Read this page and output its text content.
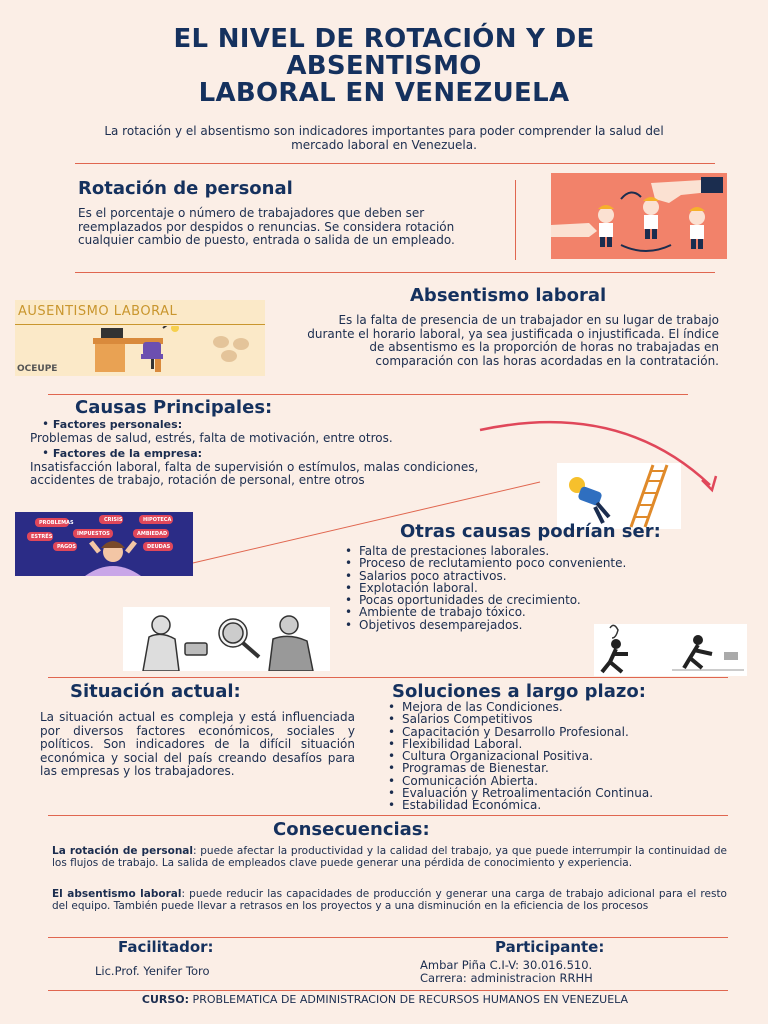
EL NIVEL DE ROTACIÓN Y DE
ABSENTISMO
LABORAL EN VENEZUELA
La rotación y el absentismo son indicadores importantes para poder comprender la salud del mercado laboral en Venezuela.
Rotación de personal
Es el porcentaje o número de trabajadores que deben ser reemplazados por despidos o renuncias. Se considera rotación cualquier cambio de puesto, entrada o salida de un empleado.
AUSENTISMO LABORAL
OCEUPE
Absentismo laboral
Es la falta de presencia de un trabajador en su lugar de trabajo durante el horario laboral, ya sea justificada o injustificada. El índice de absentismo es la proporción de horas no trabajadas en comparación con las horas acordadas en la contratación.
Causas Principales:
• Factores personales:
Problemas de salud, estrés, falta de motivación, entre otros.
• Factores de la empresa:
Insatisfacción laboral, falta de supervisión o estímulos, malas condiciones, accidentes de trabajo, rotación de personal, entre otros
PROBLEMAS	CRISIS	HIPOTECA
ESTRÉS	IMPUESTOS	AMBIEDAD
PAGOS	DEUDAS
Otras causas podrían ser:
• Falta de prestaciones laborales.
• Proceso de reclutamiento poco conveniente.
• Salarios poco atractivos.
• Explotación laboral.
• Pocas oportunidades de crecimiento.
• Ambiente de trabajo tóxico.
• Objetivos desemparejados.
Situación actual:
La situación actual es compleja y está influenciada por diversos factores económicos, sociales y políticos. Son indicadores de la difícil situación económica y social del país creando desafíos para las empresas y los trabajadores.
Soluciones a largo plazo:
• Mejora de las Condiciones.
• Salarios Competitivos
• Capacitación y Desarrollo Profesional.
• Flexibilidad Laboral.
• Cultura Organizacional Positiva.
• Programas de Bienestar.
• Comunicación Abierta.
• Evaluación y Retroalimentación Continua.
• Estabilidad Económica.
Consecuencias:
La rotación de personal: puede afectar la productividad y la calidad del trabajo, ya que puede interrumpir la continuidad de los flujos de trabajo. La salida de empleados clave puede generar una pérdida de conocimiento y experiencia.
El absentismo laboral: puede reducir las capacidades de producción y generar una carga de trabajo adicional para el resto del equipo. También puede llevar a retrasos en los proyectos y a una disminución en la eficiencia de los procesos
Facilitador:
Lic.Prof. Yenifer Toro
Participante:
Ambar Piña C.I-V: 30.016.510.
Carrera: administracion RRHH
CURSO: PROBLEMATICA DE ADMINISTRACION DE RECURSOS HUMANOS EN VENEZUELA
